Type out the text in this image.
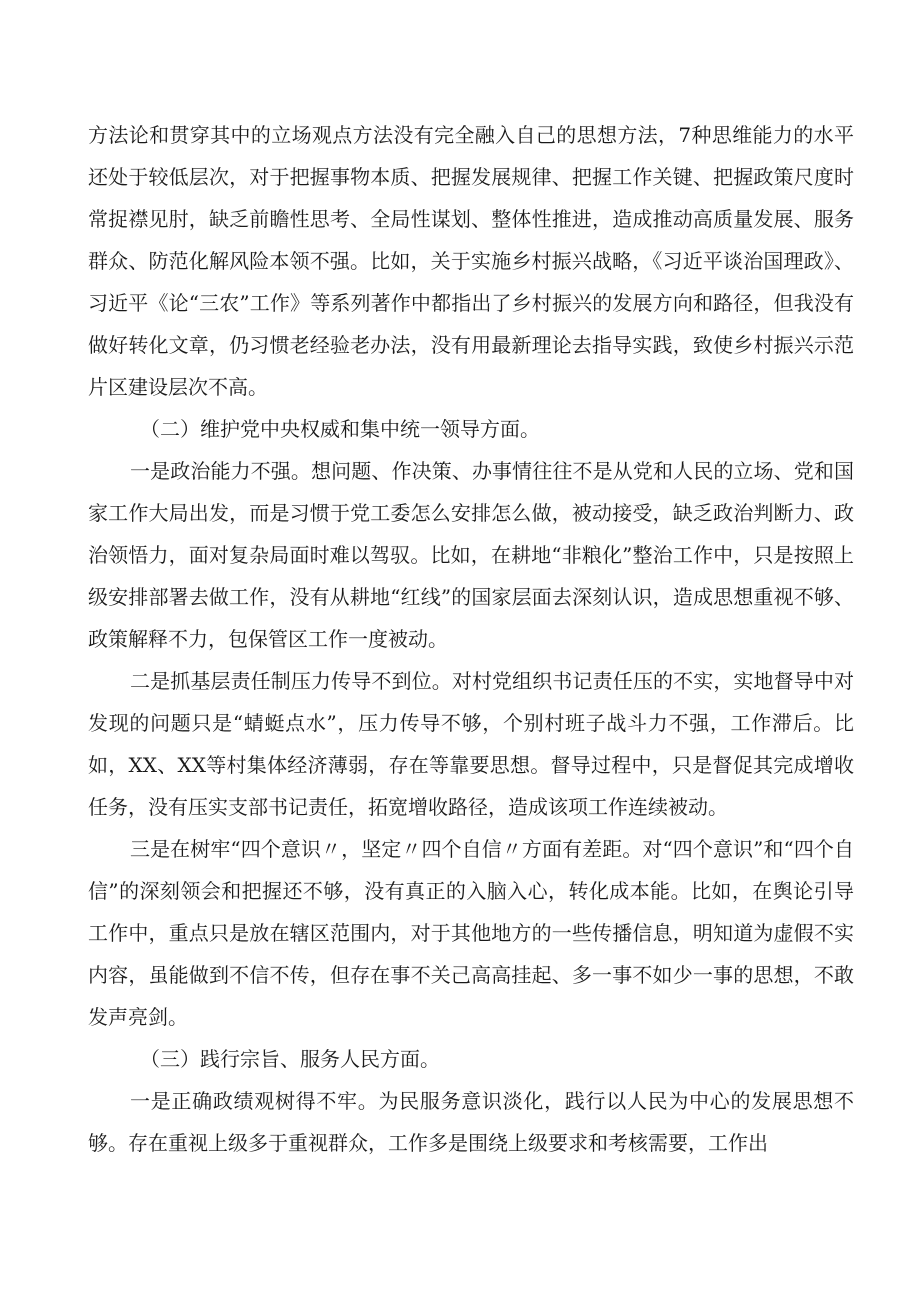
方法论和贯穿其中的立场观点方法没有完全融入自己的思想方法，7种思维能力的水平还处于较低层次，对于把握事物本质、把握发展规律、把握工作关键、把握政策尺度时常捉襟见肘，缺乏前瞻性思考、全局性谋划、整体性推进，造成推动高质量发展、服务群众、防范化解风险本领不强。比如，关于实施乡村振兴战略，《习近平谈治国理政》、习近平《论“三农”工作》等系列著作中都指出了乡村振兴的发展方向和路径，但我没有做好转化文章，仍习惯老经验老办法，没有用最新理论去指导实践，致使乡村振兴示范片区建设层次不高。

（二）维护党中央权威和集中统一领导方面。

一是政治能力不强。想问题、作决策、办事情往往不是从党和人民的立场、党和国家工作大局出发，而是习惯于党工委怎么安排怎么做，被动接受，缺乏政治判断力、政治领悟力，面对复杂局面时难以驾驭。比如，在耕地“非粮化”整治工作中，只是按照上级安排部署去做工作，没有从耕地“红线”的国家层面去深刻认识，造成思想重视不够、政策解释不力，包保管区工作一度被动。

二是抓基层责任制压力传导不到位。对村党组织书记责任压的不实，实地督导中对发现的问题只是“蜻蜓点水”，压力传导不够，个别村班子战斗力不强，工作滞后。比如，XX、XX等村集体经济薄弱，存在等靠要思想。督导过程中，只是督促其完成增收任务，没有压实支部书记责任，拓宽增收路径，造成该项工作连续被动。

三是在树牢“四个意识〃，坚定〃四个自信〃方面有差距。对“四个意识”和“四个自信”的深刻领会和把握还不够，没有真正的入脑入心，转化成本能。比如，在舆论引导工作中，重点只是放在辖区范围内，对于其他地方的一些传播信息，明知道为虚假不实内容，虽能做到不信不传，但存在事不关己高高挂起、多一事不如少一事的思想，不敢发声亮剑。

（三）践行宗旨、服务人民方面。

一是正确政绩观树得不牢。为民服务意识淡化，践行以人民为中心的发展思想不够。存在重视上级多于重视群众，工作多是围绕上级要求和考核需要，工作出
